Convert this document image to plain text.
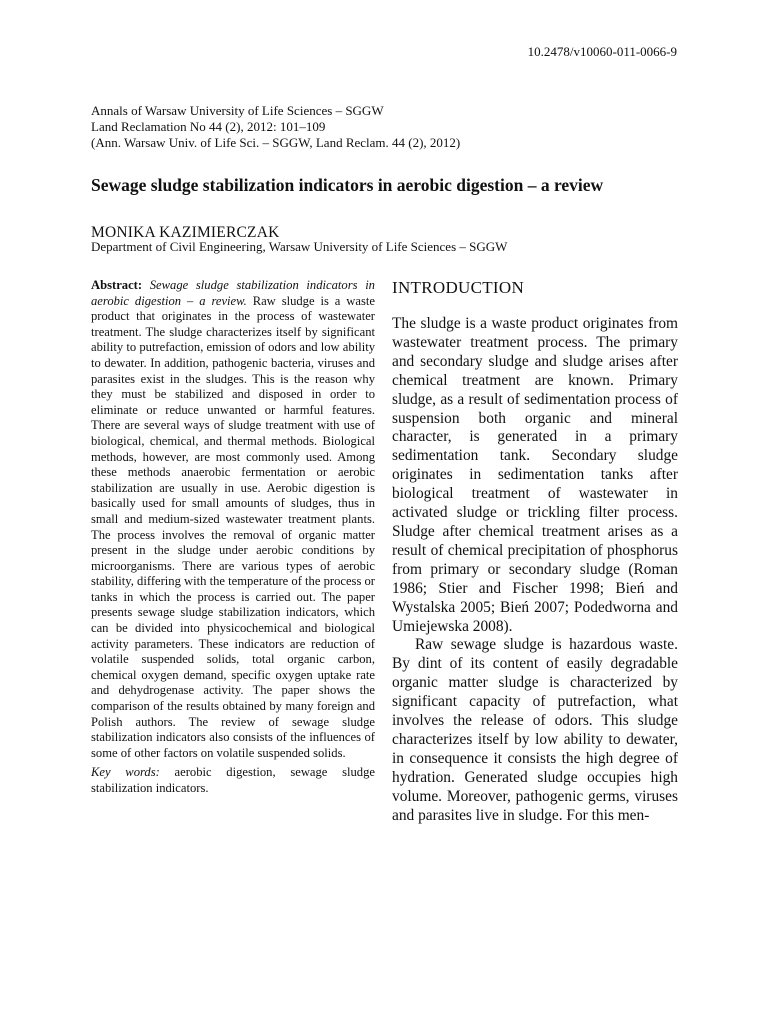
10.2478/v10060-011-0066-9
Annals of Warsaw University of Life Sciences – SGGW
Land Reclamation No 44 (2), 2012: 101–109
(Ann. Warsaw Univ. of Life Sci. – SGGW, Land Reclam. 44 (2), 2012)
Sewage sludge stabilization indicators in aerobic digestion – a review
MONIKA KAZIMIERCZAK
Department of Civil Engineering, Warsaw University of Life Sciences – SGGW

Abstract: Sewage sludge stabilization indicators in aerobic digestion – a review. Raw sludge is a waste product that originates in the process of wastewater treatment. The sludge characterizes itself by significant ability to putrefaction, emission of odors and low ability to dewater. In addition, pathogenic bacteria, viruses and parasites exist in the sludges. This is the reason why they must be stabilized and disposed in order to eliminate or reduce unwanted or harmful features. There are several ways of sludge treatment with use of biological, chemical, and thermal methods. Biological methods, however, are most commonly used. Among these methods anaerobic fermentation or aerobic stabilization are usually in use. Aerobic digestion is basically used for small amounts of sludges, thus in small and medium-sized wastewater treatment plants. The process involves the removal of organic matter present in the sludge under aerobic conditions by microorganisms. There are various types of aerobic stability, differing with the temperature of the process or tanks in which the process is carried out. The paper presents sewage sludge stabilization indicators, which can be divided into physicochemical and biological activity parameters. These indicators are reduction of volatile suspended solids, total organic carbon, chemical oxygen demand, specific oxygen uptake rate and dehydrogenase activity. The paper shows the comparison of the results obtained by many foreign and Polish authors. The review of sewage sludge stabilization indicators also consists of the influences of some of other factors on volatile suspended solids.

Key words: aerobic digestion, sewage sludge stabilization indicators.

INTRODUCTION

The sludge is a waste product originates from wastewater treatment process. The primary and secondary sludge and sludge arises after chemical treatment are known. Primary sludge, as a result of sedimentation process of suspension both organic and mineral character, is generated in a primary sedimentation tank. Secondary sludge originates in sedimentation tanks after biological treatment of wastewater in activated sludge or trickling filter process. Sludge after chemical treatment arises as a result of chemical precipitation of phosphorus from primary or secondary sludge (Roman 1986; Stier and Fischer 1998; Bień and Wystalska 2005; Bień 2007; Podedworna and Umiejewska 2008).

Raw sewage sludge is hazardous waste. By dint of its content of easily degradable organic matter sludge is characterized by significant capacity of putrefaction, what involves the release of odors. This sludge characterizes itself by low ability to dewater, in consequence it consists the high degree of hydration. Generated sludge occupies high volume. Moreover, pathogenic germs, viruses and parasites live in sludge. For this men-
